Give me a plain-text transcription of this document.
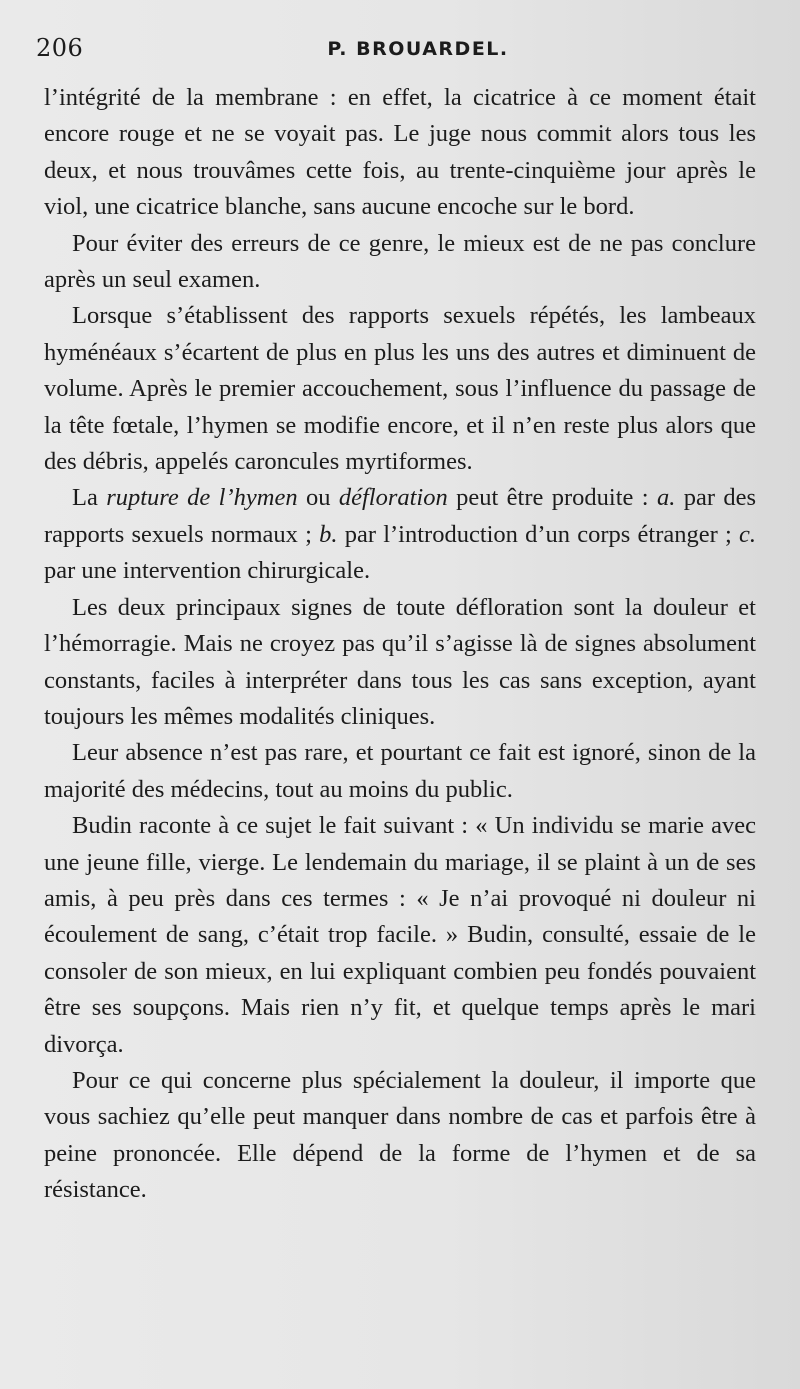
206	P. BROUARDEL.

l’intégrité de la membrane : en effet, la cicatrice à ce moment était encore rouge et ne se voyait pas. Le juge nous commit alors tous les deux, et nous trouvâmes cette fois, au trente-cinquième jour après le viol, une cicatrice blanche, sans aucune encoche sur le bord.

Pour éviter des erreurs de ce genre, le mieux est de ne pas conclure après un seul examen.

Lorsque s’établissent des rapports sexuels répétés, les lambeaux hyménéaux s’écartent de plus en plus les uns des autres et diminuent de volume. Après le premier accouchement, sous l’influence du passage de la tête fœtale, l’hymen se modifie encore, et il n’en reste plus alors que des débris, appelés caroncules myrtiformes.

La rupture de l’hymen ou défloration peut être produite : a. par des rapports sexuels normaux ; b. par l’introduction d’un corps étranger ; c. par une intervention chirurgicale.

Les deux principaux signes de toute défloration sont la douleur et l’hémorragie. Mais ne croyez pas qu’il s’agisse là de signes absolument constants, faciles à interpréter dans tous les cas sans exception, ayant toujours les mêmes modalités cliniques.

Leur absence n’est pas rare, et pourtant ce fait est ignoré, sinon de la majorité des médecins, tout au moins du public.

Budin raconte à ce sujet le fait suivant : « Un individu se marie avec une jeune fille, vierge. Le lendemain du mariage, il se plaint à un de ses amis, à peu près dans ces termes : « Je n’ai provoqué ni douleur ni écoulement de sang, c’était trop facile. » Budin, consulté, essaie de le consoler de son mieux, en lui expliquant combien peu fondés pouvaient être ses soupçons. Mais rien n’y fit, et quelque temps après le mari divorça.

Pour ce qui concerne plus spécialement la douleur, il importe que vous sachiez qu’elle peut manquer dans nombre de cas et parfois être à peine prononcée. Elle dépend de la forme de l’hymen et de sa résistance.
